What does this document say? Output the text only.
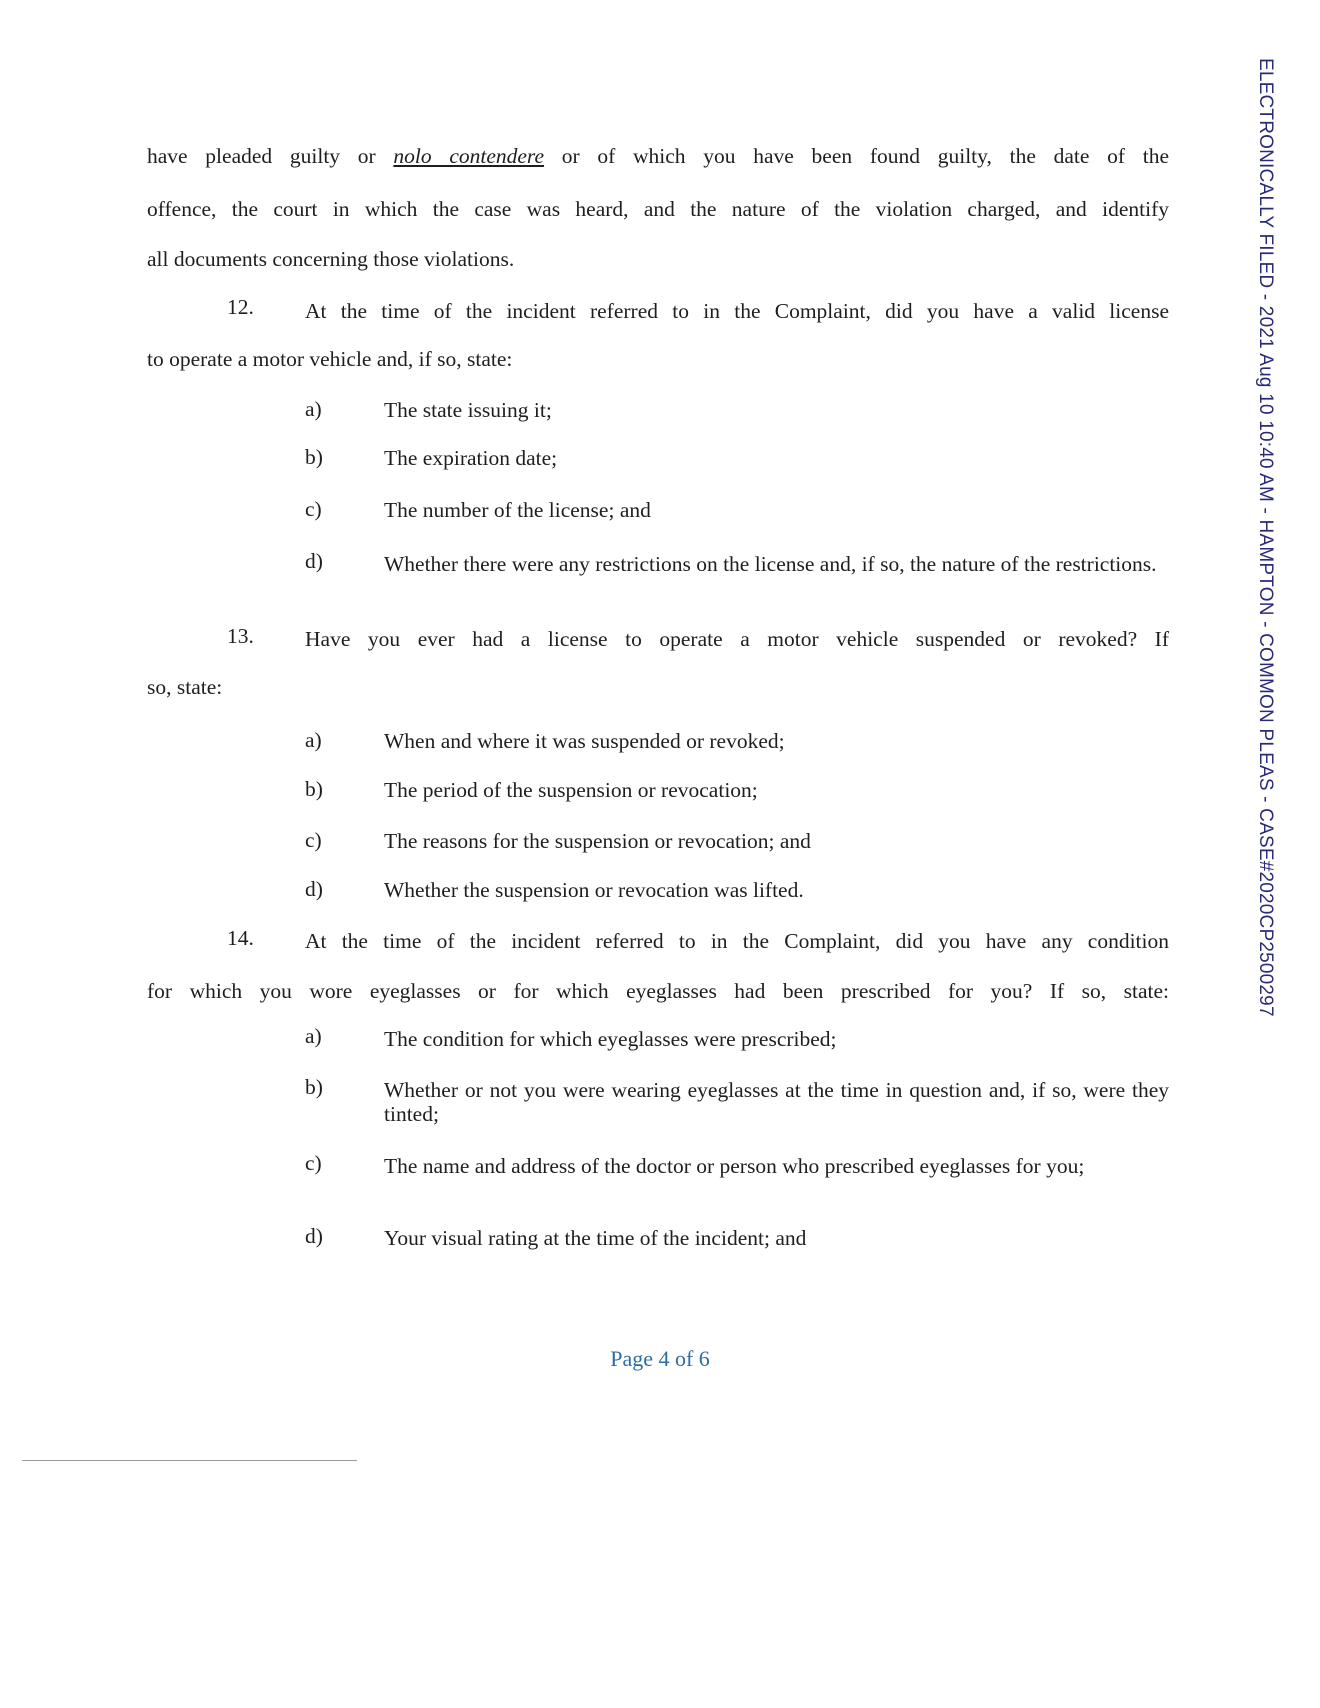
have pleaded guilty or nolo contendere or of which you have been found guilty, the date of the
offence, the court in which the case was heard, and the nature of the violation charged, and identify
all documents concerning those violations.
12. At the time of the incident referred to in the Complaint, did you have a valid license
to operate a motor vehicle and, if so, state:
a)	The state issuing it;
b)	The expiration date;
c)	The number of the license; and
d)	Whether there were any restrictions on the license and, if so, the nature of the restrictions.
13. Have you ever had a license to operate a motor vehicle suspended or revoked? If
so, state:
a)	When and where it was suspended or revoked;
b)	The period of the suspension or revocation;
c)	The reasons for the suspension or revocation; and
d)	Whether the suspension or revocation was lifted.
14. At the time of the incident referred to in the Complaint, did you have any condition
for which you wore eyeglasses or for which eyeglasses had been prescribed for you? If so, state:
a)	The condition for which eyeglasses were prescribed;
b)	Whether or not you were wearing eyeglasses at the time in question and, if so, were they tinted;
c)	The name and address of the doctor or person who prescribed eyeglasses for you;
d)	Your visual rating at the time of the incident; and
Page 4 of 6
ELECTRONICALLY FILED - 2021 Aug 10 10:40 AM - HAMPTON - COMMON PLEAS - CASE#2020CP2500297
